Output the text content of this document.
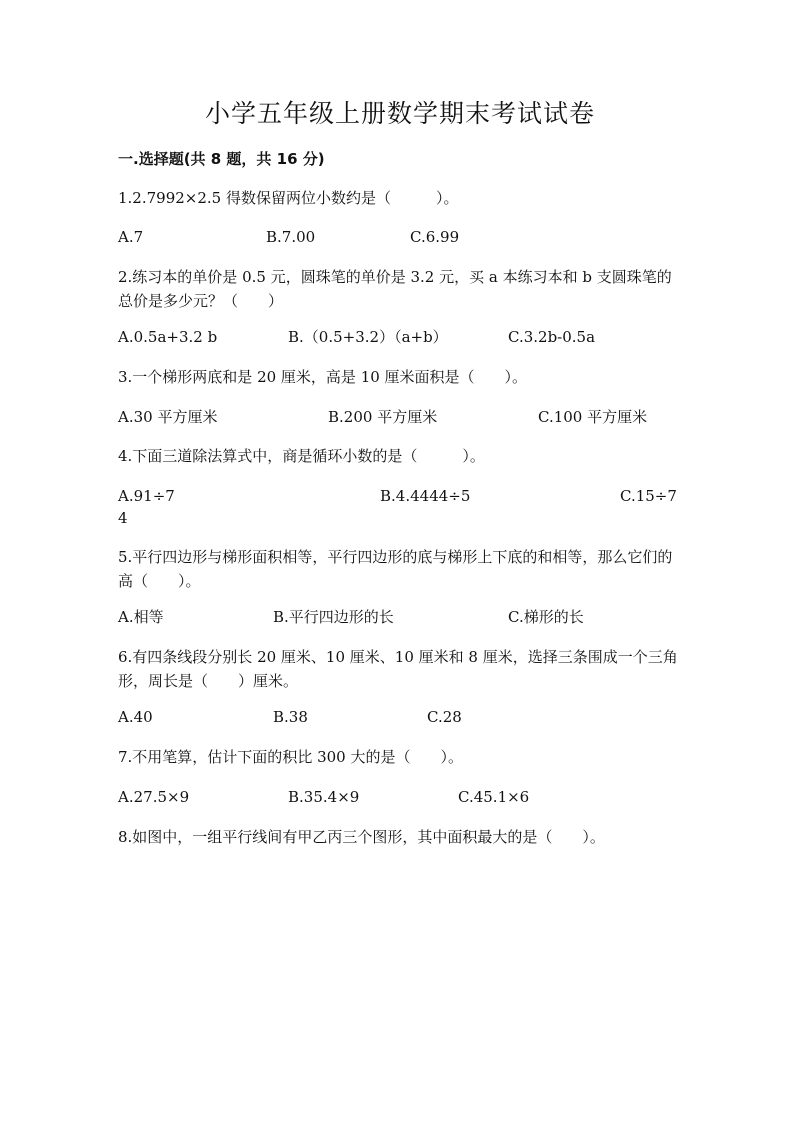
小学五年级上册数学期末考试试卷
一.选择题(共 8 题，共 16 分)

1.2.7992×2.5 得数保留两位小数约是（　　　）。

A.7	B.7.00	C.6.99

2.练习本的单价是 0.5 元，圆珠笔的单价是 3.2 元，买 a 本练习本和 b 支圆珠笔的总价是多少元？（　　）

A.0.5a+3.2 b	B.（0.5+3.2）（a+b）	C.3.2b-0.5a

3.一个梯形两底和是 20 厘米，高是 10 厘米面积是（　　）。

A.30 平方厘米	B.200 平方厘米	C.100 平方厘米

4.下面三道除法算式中，商是循环小数的是（　　　）。

A.91÷7	B.4.4444÷5	C.15÷7
4

5.平行四边形与梯形面积相等，平行四边形的底与梯形上下底的和相等，那么它们的高（　　）。

A.相等	B.平行四边形的长	C.梯形的长

6.有四条线段分别长 20 厘米、10 厘米、10 厘米和 8 厘米，选择三条围成一个三角形，周长是（　　）厘米。

A.40	B.38	C.28

7.不用笔算，估计下面的积比 300 大的是（　　）。

A.27.5×9	B.35.4×9	C.45.1×6

8.如图中，一组平行线间有甲乙丙三个图形，其中面积最大的是（　　）。
